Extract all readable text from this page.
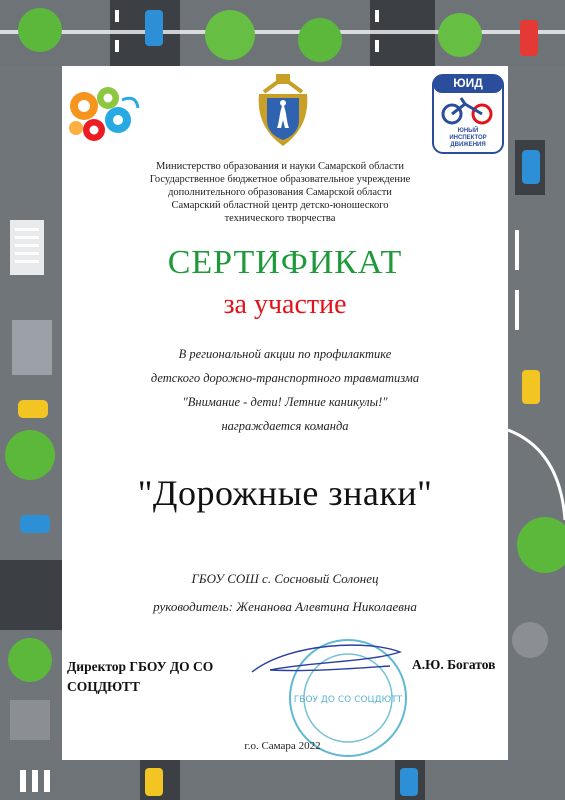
ЮИД
ЮНЫЙ
ИНСПЕКТОР
ДВИЖЕНИЯ
Министерство образования и науки Самарской области
Государственное бюджетное образовательное учреждение
дополнительного образования Самарской области
Самарский областной центр детско-юношеского
технического творчества
СЕРТИФИКАТ
за участие
В региональной акции по профилактике
детского дорожно-транспортного травматизма
"Внимание - дети! Летние каникулы!"
награждается команда
"Дорожные знаки"
ГБОУ СОШ с. Сосновый Солонец
руководитель: Женанова Алевтина Николаевна
ГБОУ ДО СО СОЦДЮТТ
Директор ГБОУ ДО СО
СОЦДЮТТ
А.Ю. Богатов
г.о. Самара 2022
